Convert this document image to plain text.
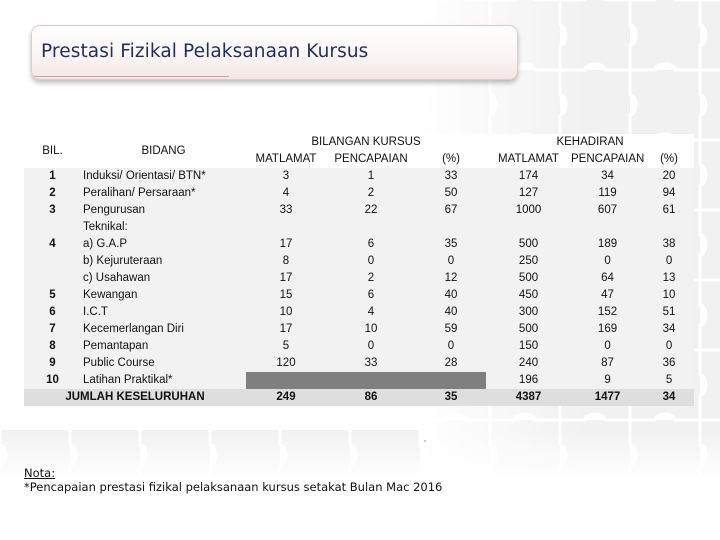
Prestasi Fizikal Pelaksanaan Kursus
BIL.	BIDANG	BILANGAN KURSUS			KEHADIRAN		
		MATLAMAT	PENCAPAIAN	(%)	MATLAMAT	PENCAPAIAN	(%)
1	Induksi/ Orientasi/ BTN*	3	1	33	174	34	20
2	Peralihan/ Persaraan*	4	2	50	127	119	94
3	Pengurusan	33	22	67	1000	607	61
	Teknikal:						
4	a) G.A.P	17	6	35	500	189	38
	b) Kejuruteraan	8	0	0	250	0	0
	c) Usahawan	17	2	12	500	64	13
5	Kewangan	15	6	40	450	47	10
6	I.C.T	10	4	40	300	152	51
7	Kecemerlangan Diri	17	10	59	500	169	34
8	Pemantapan	5	0	0	150	0	0
9	Public Course	120	33	28	240	87	36
10	Latihan Praktikal*				196	9	5
JUMLAH KESELURUHAN		249	86	35	4387	1477	34
Nota:
*Pencapaian prestasi fizikal pelaksanaan kursus setakat Bulan Mac 2016
